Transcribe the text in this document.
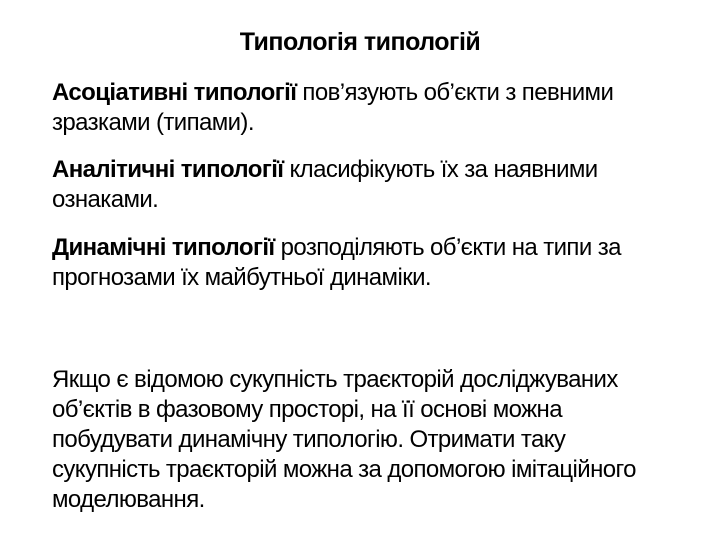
Типологія типологій
Асоціативні типології пов’язують об’єкти з певними зразками (типами).
Аналітичні типології класифікують їх за наявними ознаками.
Динамічні типології розподіляють об’єкти на типи за прогнозами їх майбутньої динаміки.
Якщо є відомою сукупність траєкторій досліджуваних об’єктів в фазовому просторі, на її основі можна побудувати динамічну типологію. Отримати таку сукупність траєкторій можна за допомогою імітаційного моделювання.
